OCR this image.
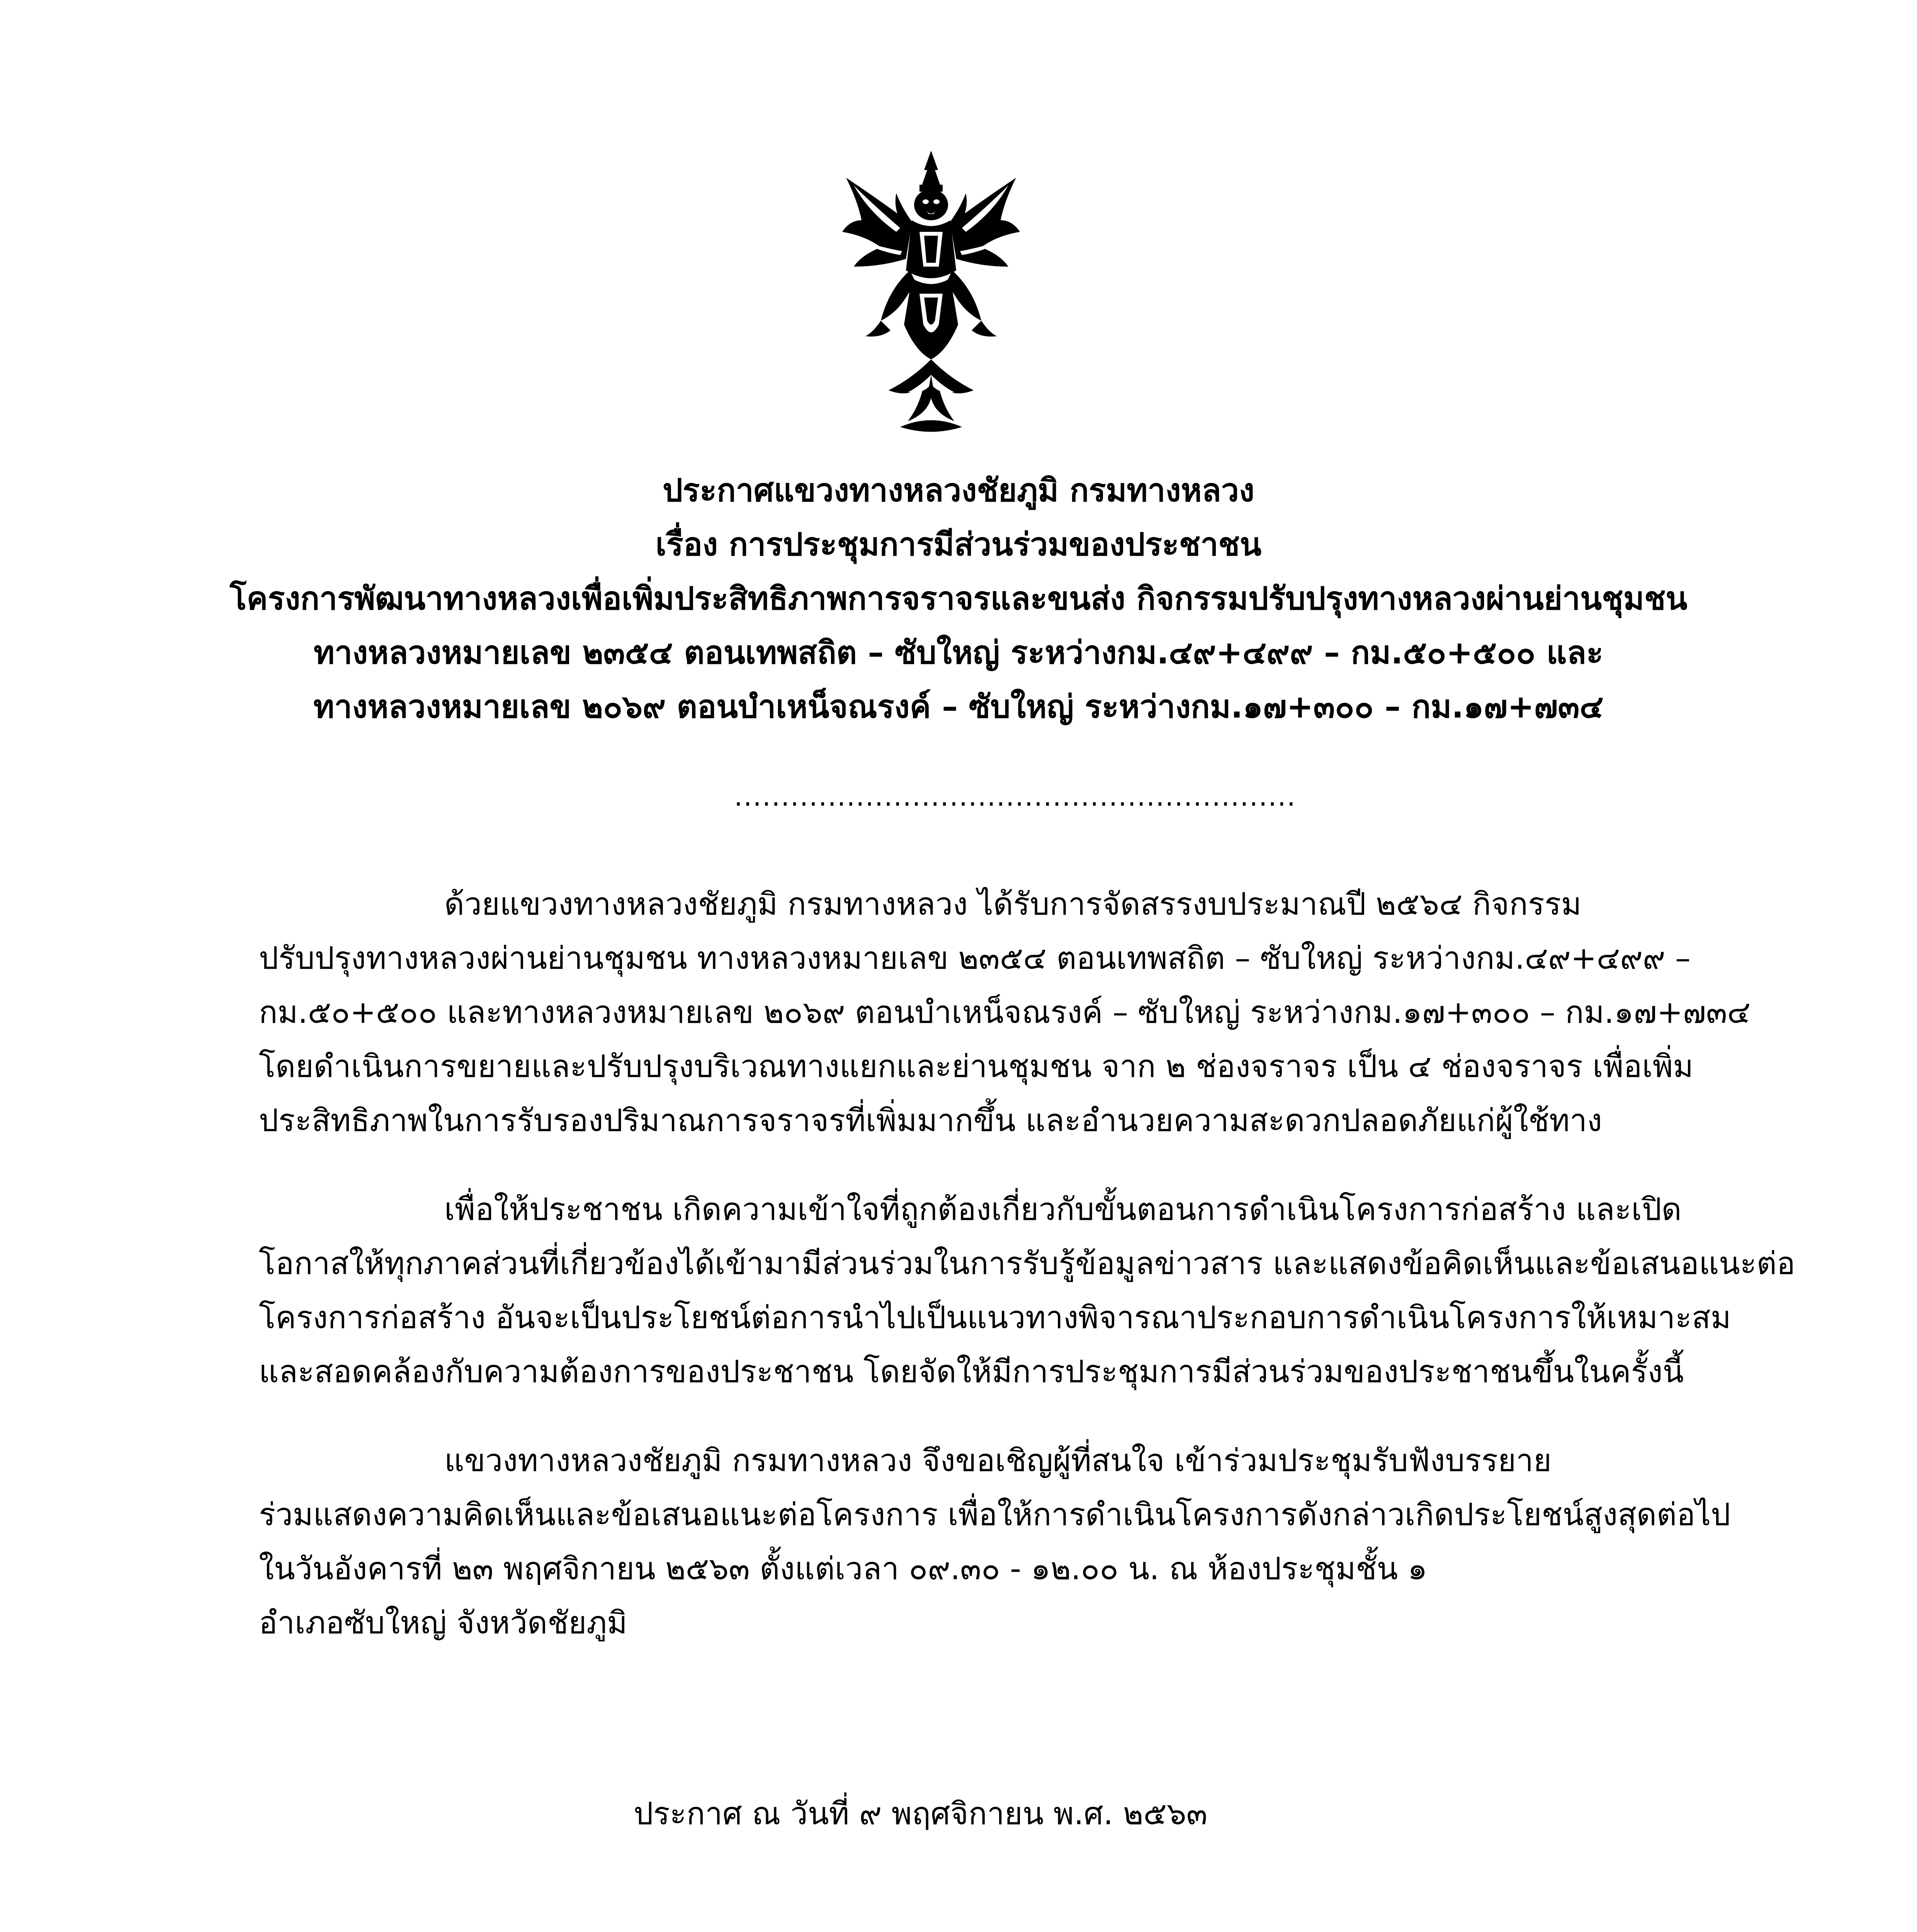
ประกาศแขวงทางหลวงชัยภูมิ กรมทางหลวง
เรื่อง การประชุมการมีส่วนร่วมของประชาชน
โครงการพัฒนาทางหลวงเพื่อเพิ่มประสิทธิภาพการจราจรและขนส่ง กิจกรรมปรับปรุงทางหลวงผ่านย่านชุมชน
ทางหลวงหมายเลข ๒๓๕๔ ตอนเทพสถิต – ซับใหญ่ ระหว่างกม.๔๙+๔๙๙ – กม.๕๐+๕๐๐ และ
ทางหลวงหมายเลข ๒๐๖๙ ตอนบำเหน็จณรงค์ – ซับใหญ่ ระหว่างกม.๑๗+๓๐๐ – กม.๑๗+๗๓๔
............................................................
ด้วยแขวงทางหลวงชัยภูมิ กรมทางหลวง ได้รับการจัดสรรงบประมาณปี ๒๕๖๔ กิจกรรม
ปรับปรุงทางหลวงผ่านย่านชุมชน ทางหลวงหมายเลข ๒๓๕๔ ตอนเทพสถิต – ซับใหญ่ ระหว่างกม.๔๙+๔๙๙ –
กม.๕๐+๕๐๐ และทางหลวงหมายเลข ๒๐๖๙ ตอนบำเหน็จณรงค์ – ซับใหญ่ ระหว่างกม.๑๗+๓๐๐ – กม.๑๗+๗๓๔
โดยดำเนินการขยายและปรับปรุงบริเวณทางแยกและย่านชุมชน จาก ๒ ช่องจราจร เป็น ๔ ช่องจราจร เพื่อเพิ่ม
ประสิทธิภาพในการรับรองปริมาณการจราจรที่เพิ่มมากขึ้น และอำนวยความสะดวกปลอดภัยแก่ผู้ใช้ทาง
เพื่อให้ประชาชน เกิดความเข้าใจที่ถูกต้องเกี่ยวกับขั้นตอนการดำเนินโครงการก่อสร้าง และเปิด
โอกาสให้ทุกภาคส่วนที่เกี่ยวข้องได้เข้ามามีส่วนร่วมในการรับรู้ข้อมูลข่าวสาร และแสดงข้อคิดเห็นและข้อเสนอแนะต่อ
โครงการก่อสร้าง อันจะเป็นประโยชน์ต่อการนำไปเป็นแนวทางพิจารณาประกอบการดำเนินโครงการให้เหมาะสม
และสอดคล้องกับความต้องการของประชาชน โดยจัดให้มีการประชุมการมีส่วนร่วมของประชาชนขึ้นในครั้งนี้
แขวงทางหลวงชัยภูมิ กรมทางหลวง จึงขอเชิญผู้ที่สนใจ เข้าร่วมประชุมรับฟังบรรยาย
ร่วมแสดงความคิดเห็นและข้อเสนอแนะต่อโครงการ เพื่อให้การดำเนินโครงการดังกล่าวเกิดประโยชน์สูงสุดต่อไป
ในวันอังคารที่ ๒๓ พฤศจิกายน ๒๕๖๓ ตั้งแต่เวลา ๐๙.๓๐ - ๑๒.๐๐ น. ณ ห้องประชุมชั้น ๑
อำเภอซับใหญ่ จังหวัดชัยภูมิ
ประกาศ ณ วันที่ ๙ พฤศจิกายน พ.ศ. ๒๕๖๓
